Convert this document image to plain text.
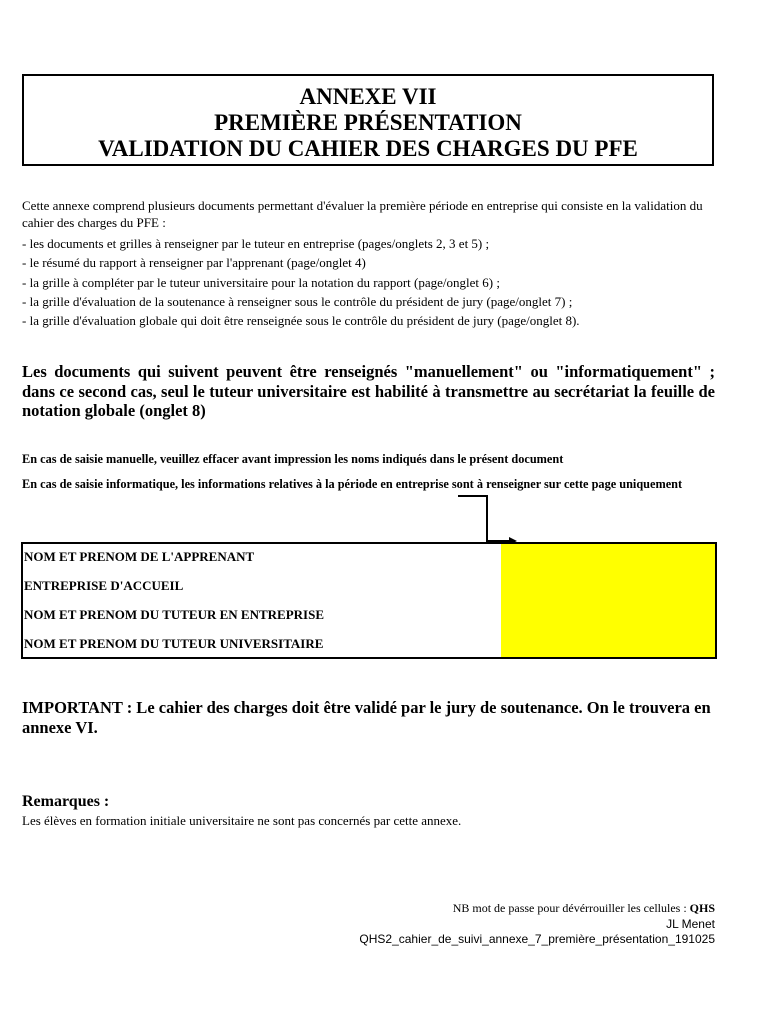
ANNEXE VII
PREMIÈRE PRÉSENTATION
VALIDATION DU CAHIER DES CHARGES DU PFE

Cette annexe comprend plusieurs documents permettant d'évaluer la première période en entreprise qui consiste en la validation du cahier des charges du PFE :

- les documents et grilles à renseigner par le tuteur en entreprise (pages/onglets 2, 3 et 5) ;
- le résumé du rapport à renseigner par l'apprenant (page/onglet 4)
- la grille à compléter par le tuteur universitaire pour la notation du rapport (page/onglet 6) ;
- la grille d'évaluation de la soutenance à renseigner sous le contrôle du président de jury (page/onglet 7) ;
- la grille d'évaluation globale qui doit être renseignée sous le contrôle du président de jury (page/onglet 8).
Les documents qui suivent peuvent être renseignés "manuellement" ou "informatiquement" ; dans ce second cas, seul le tuteur universitaire est habilité à transmettre au secrétariat la feuille de notation globale (onglet 8)
En cas de saisie manuelle, veuillez effacer avant impression les noms indiqués dans le présent document
En cas de saisie informatique, les informations relatives à la période en entreprise sont à renseigner sur cette page uniquement
NOM ET PRENOM DE L'APPRENANT
ENTREPRISE D'ACCUEIL
NOM ET PRENOM DU TUTEUR EN ENTREPRISE
NOM ET PRENOM DU TUTEUR UNIVERSITAIRE
IMPORTANT : Le cahier des charges doit être validé par le jury de soutenance. On le trouvera en annexe VI.
Remarques :
Les élèves en formation initiale universitaire ne sont pas concernés par cette annexe.
NB mot de passe pour dévérrouiller les cellules : QHS
JL Menet
QHS2_cahier_de_suivi_annexe_7_première_présentation_191025
